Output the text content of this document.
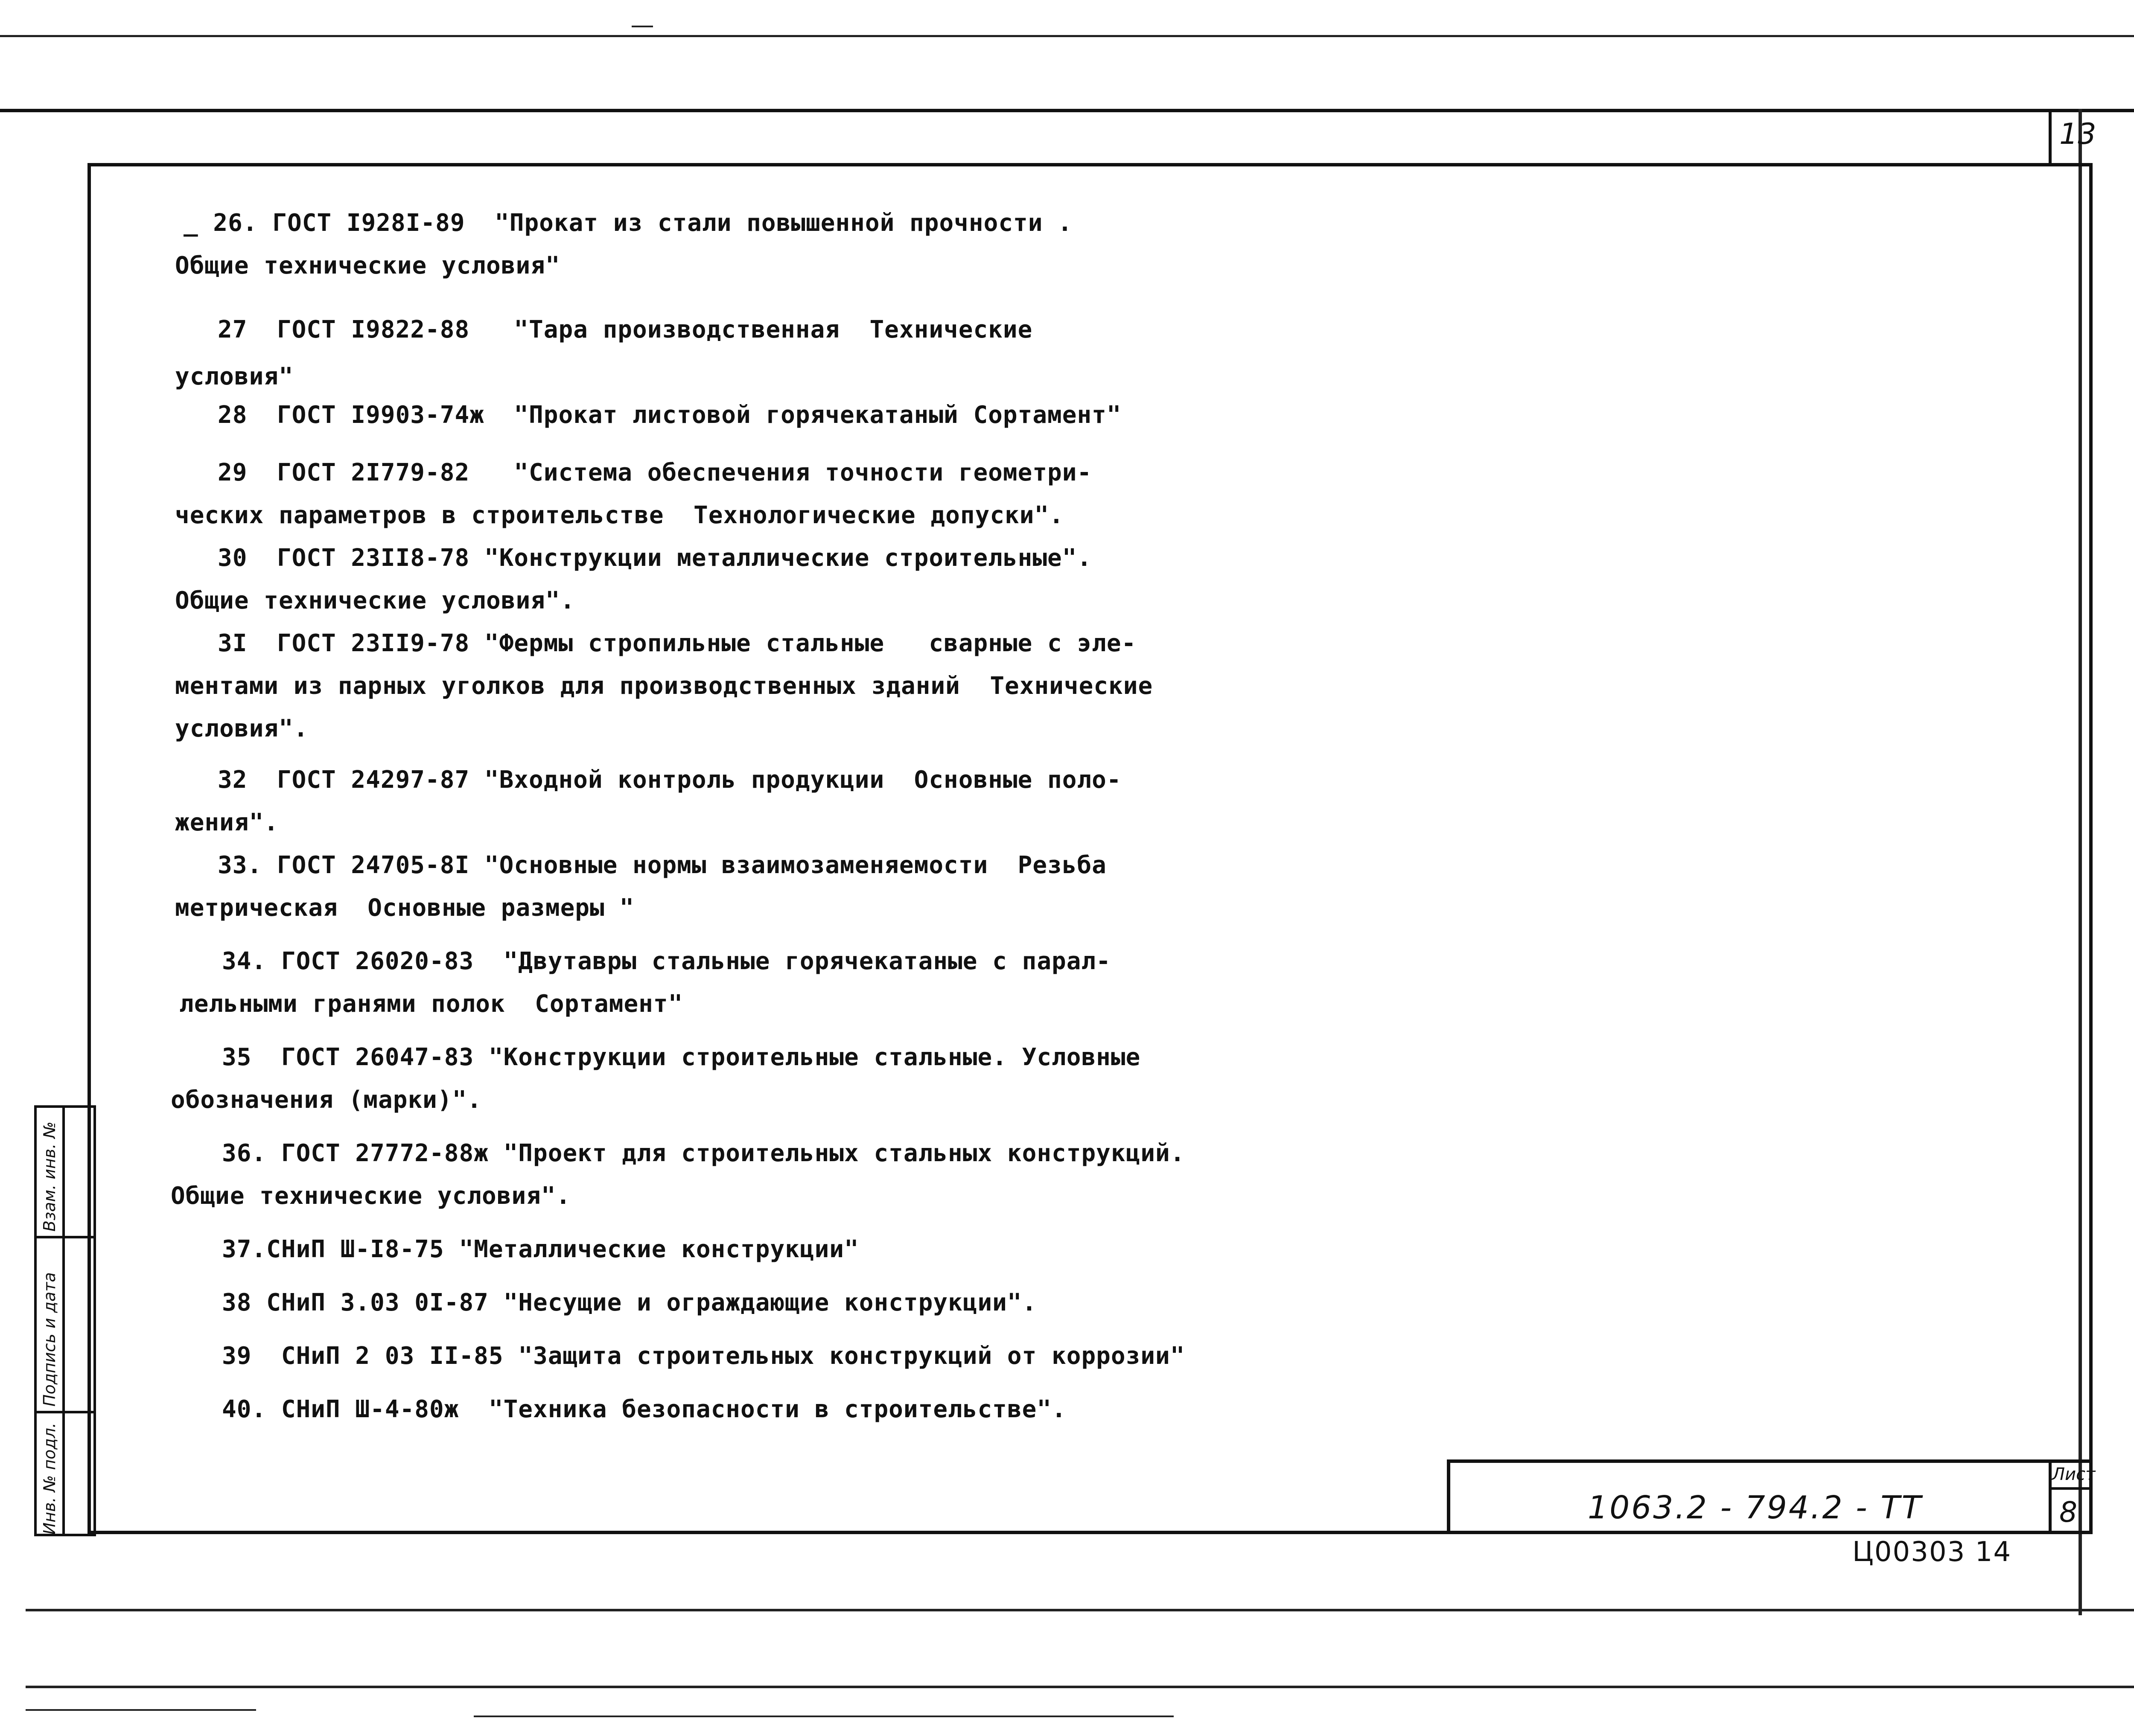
13
_ 26. ГОСТ I928I-89  "Прокат из стали повышенной прочности .
Общие технические условия"
27  ГОСТ I9822-88   "Тара производственная  Технические
условия"
28  ГОСТ I9903-74ж  "Прокат листовой горячекатаный Сортамент"
29  ГОСТ 2I779-82   "Система обеспечения точности геометри-
ческих параметров в строительстве  Технологические допуски".
30  ГОСТ 23II8-78 "Конструкции металлические строительные".
Общие технические условия".
3I  ГОСТ 23II9-78 "Фермы стропильные стальные   сварные с эле-
ментами из парных уголков для производственных зданий  Технические
условия".
32  ГОСТ 24297-87 "Входной контроль продукции  Основные поло-
жения".
33. ГОСТ 24705-8I "Основные нормы взаимозаменяемости  Резьба
метрическая  Основные размеры "
34. ГОСТ 26020-83  "Двутавры стальные горячекатаные с парал-
лельными гранями полок  Сортамент"
35  ГОСТ 26047-83 "Конструкции строительные стальные. Условные
обозначения (марки)".
36. ГОСТ 27772-88ж "Проект для строительных стальных конструкций.
Общие технические условия".
37.СНиП Ш-I8-75 "Металлические конструкции"
38 СНиП 3.03 0I-87 "Несущие и ограждающие конструкции".
39  СНиП 2 03 II-85 "Защита строительных конструкций от коррозии"
40. СНиП Ш-4-80ж  "Техника безопасности в строительстве".
Инв. № подл.
Подпись и дата
Взам. инв. №
1063.2 - 794.2 - ТТ
Лист
8
Ц00303 14
